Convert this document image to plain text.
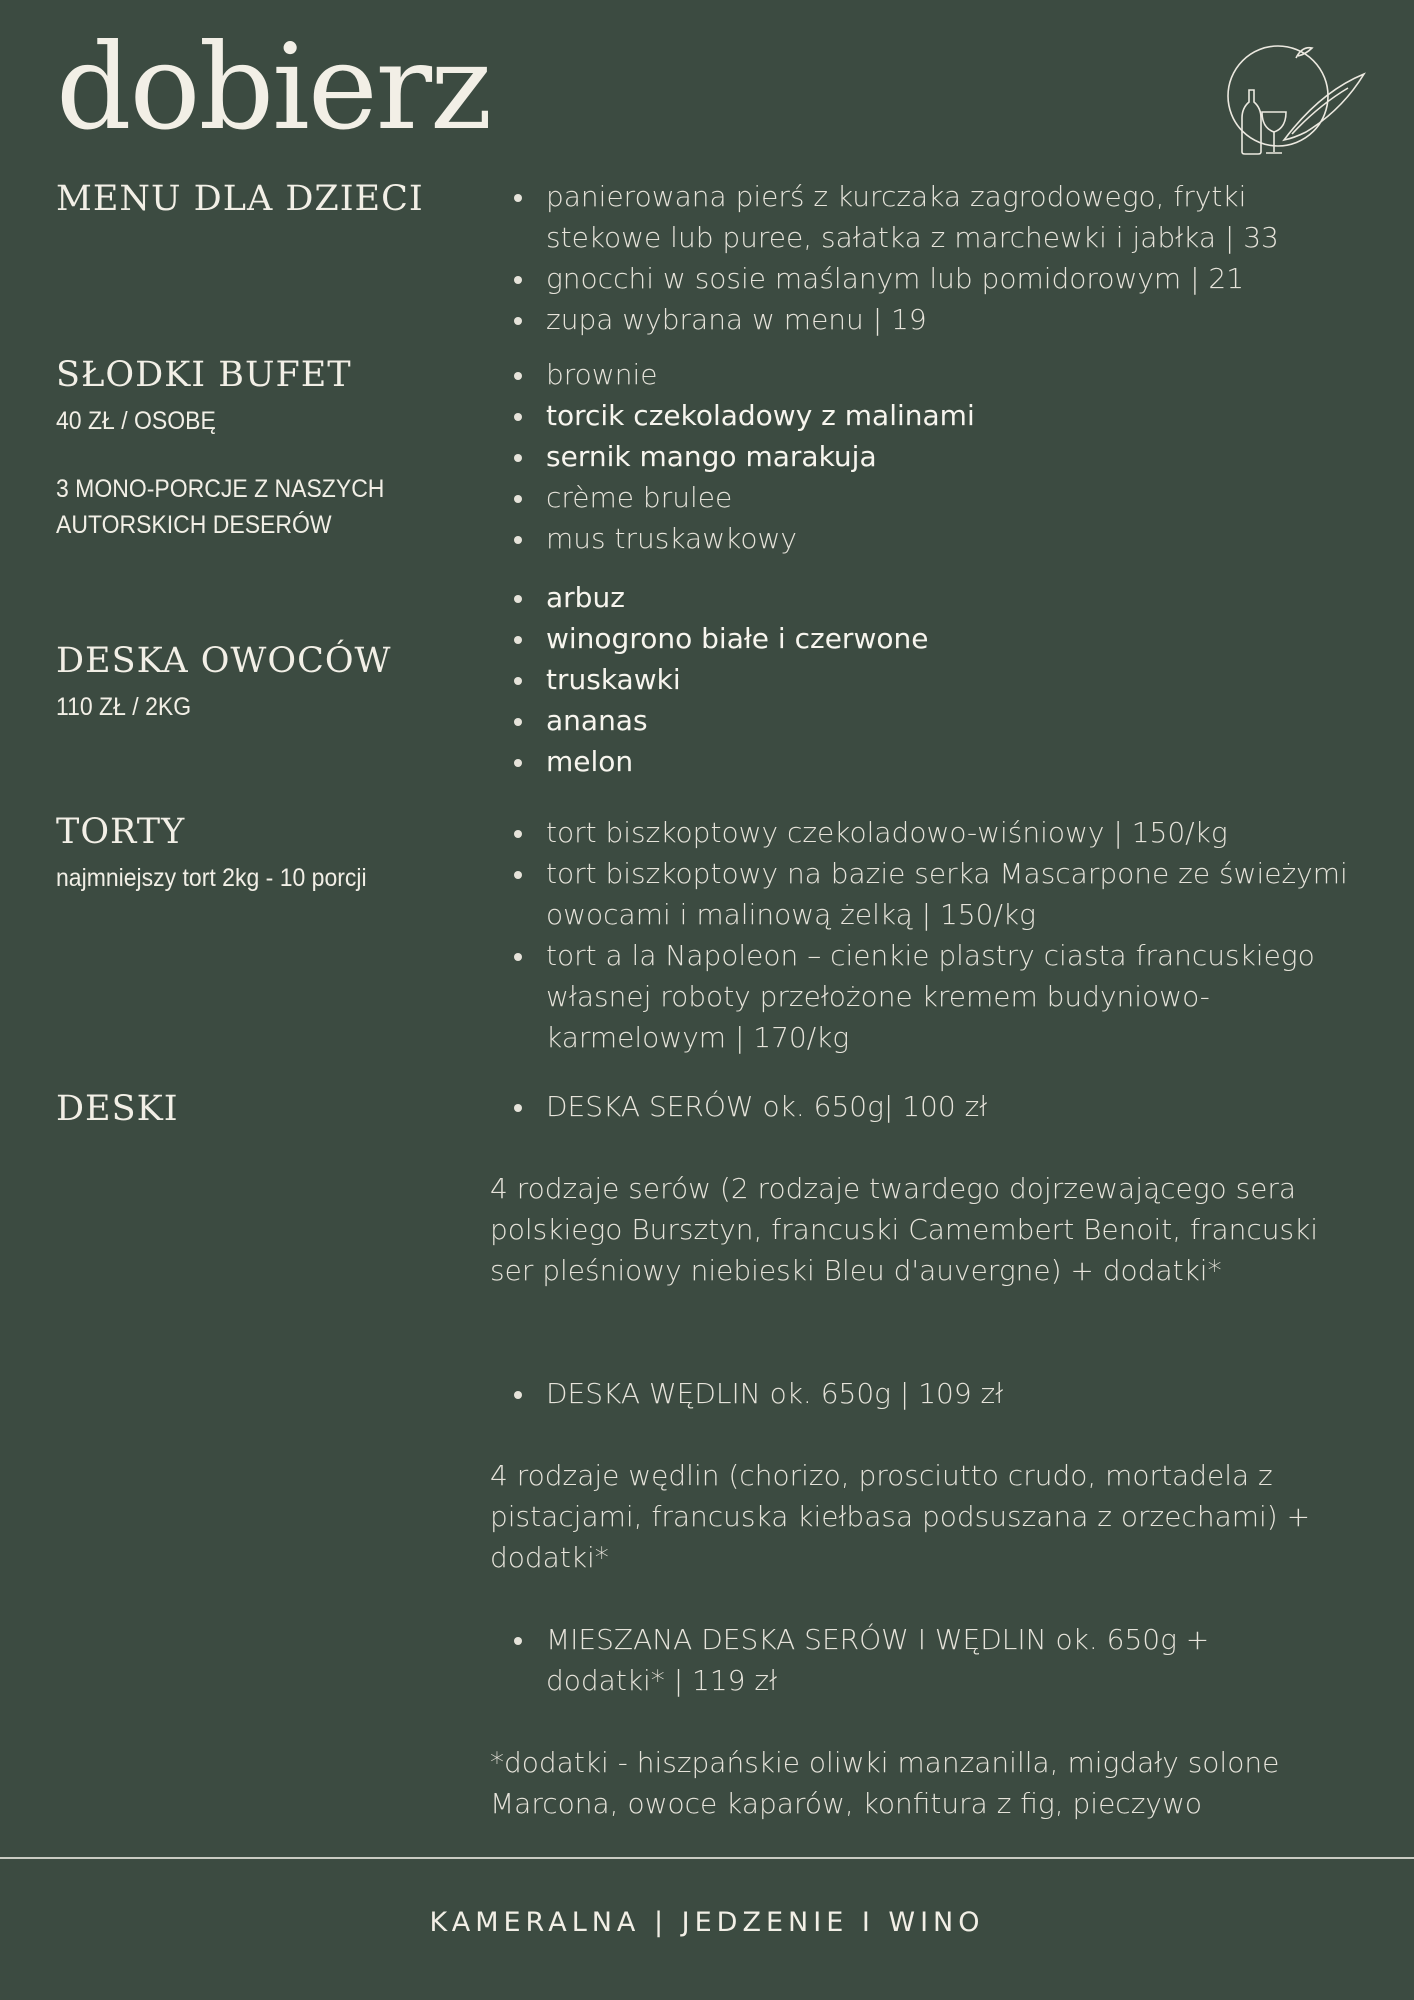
dobierz

MENU DLA DZIECI	panierowana pierś z kurczaka zagrodowego, frytki stekowe lub puree, sałatka z marchewki i jabłka | 33
gnocchi w sosie maślanym lub pomidorowym | 21
zupa wybrana w menu | 19

SŁODKI BUFET

40 ZŁ / OSOBĘ

3 MONO-PORCJE Z NASZYCH AUTORSKICH DESERÓW

brownie
torcik czekoladowy z malinami
sernik mango marakuja
crème brulee
mus truskawkowy

DESKA OWOCÓW

110 ZŁ / 2KG

arbuz
winogrono białe i czerwone
truskawki
ananas
melon

TORTY

najmniejszy tort 2kg - 10 porcji

tort biszkoptowy czekoladowo-wiśniowy | 150/kg
tort biszkoptowy na bazie serka Mascarpone ze świeżymi owocami i malinową żelką | 150/kg
tort a la Napoleon – cienkie plastry ciasta francuskiego własnej roboty przełożone kremem budyniowo-karmelowym | 170/kg

DESKI	DESKA SERÓW ok. 650g| 100 zł

4 rodzaje serów (2 rodzaje twardego dojrzewającego sera polskiego Bursztyn, francuski Camembert Benoit, francuski ser pleśniowy niebieski Bleu d'auvergne) + dodatki*

DESKA WĘDLIN ok. 650g | 109 zł

4 rodzaje wędlin (chorizo, prosciutto crudo, mortadela z pistacjami, francuska kiełbasa podsuszana z orzechami) + dodatki*

MIESZANA DESKA SERÓW I WĘDLIN ok. 650g + dodatki* | 119 zł

*dodatki - hiszpańskie oliwki manzanilla, migdały solone Marcona, owoce kaparów, konfitura z fig, pieczywo

KAMERALNA | JEDZENIE I WINO
